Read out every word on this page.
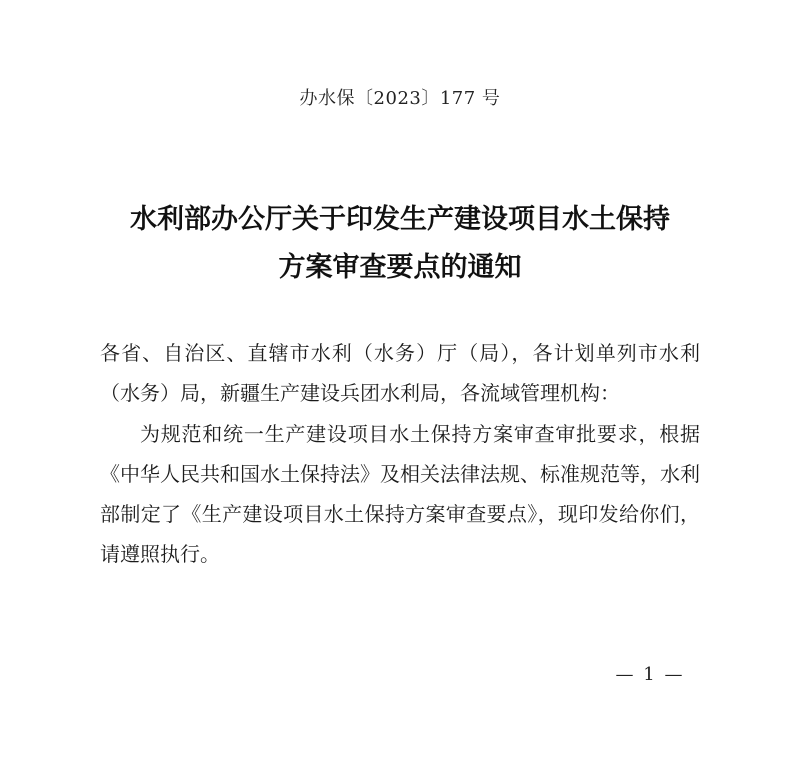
办水保〔2023〕177 号
水利部办公厅关于印发生产建设项目水土保持
方案审查要点的通知
各省、自治区、直辖市水利（水务）厅（局），各计划单列市水利（水务）局，新疆生产建设兵团水利局，各流域管理机构：
为规范和统一生产建设项目水土保持方案审查审批要求，根据《中华人民共和国水土保持法》及相关法律法规、标准规范等，水利部制定了《生产建设项目水土保持方案审查要点》，现印发给你们，请遵照执行。
— 1 —
